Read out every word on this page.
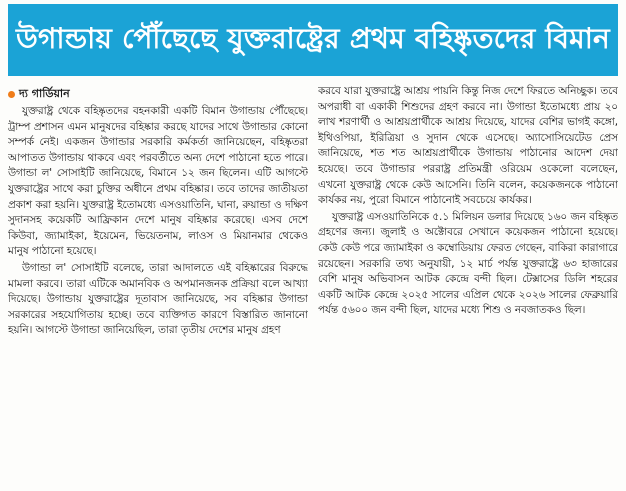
উগান্ডায় পৌঁছেছে যুক্তরাষ্ট্রের প্রথম বহিষ্কৃতদের বিমান
দ্য গার্ডিয়ান

যুক্তরাষ্ট্র থেকে বহিষ্কৃতদের বহনকারী একটি বিমান উগান্ডায় পৌঁছেছে। ট্রাম্প প্রশাসন এমন মানুষদের বহিষ্কার করছে যাদের সাথে উগান্ডার কোনো সম্পর্ক নেই। একজন উগান্ডার সরকারি কর্মকর্তা জানিয়েছেন, বহিষ্কৃতরা আপাতত উগান্ডায় থাকবে এবং পরবর্তীতে অন্য দেশে পাঠানো হতে পারে। উগান্ডা ল' সোসাইটি জানিয়েছে, বিমানে ১২ জন ছিলেন। এটি আগস্টে যুক্তরাষ্ট্রের সাথে করা চুক্তির অধীনে প্রথম বহিষ্কার। তবে তাদের জাতীয়তা প্রকাশ করা হয়নি। যুক্তরাষ্ট্র ইতোমধ্যে এসওয়াতিনি, ঘানা, রুয়ান্ডা ও দক্ষিণ সুদানসহ কয়েকটি আফ্রিকান দেশে মানুষ বহিষ্কার করেছে। এসব দেশে কিউবা, জ্যামাইকা, ইয়েমেন, ভিয়েতনাম, লাওস ও মিয়ানমার থেকেও মানুষ পাঠানো হয়েছে।

উগান্ডা ল' সোসাইটি বলেছে, তারা আদালতে এই বহিষ্কারের বিরুদ্ধে মামলা করবে। তারা এটিকে অমানবিক ও অপমানজনক প্রক্রিয়া বলে আখ্যা দিয়েছে। উগান্ডায় যুক্তরাষ্ট্রের দূতাবাস জানিয়েছে, সব বহিষ্কার উগান্ডা সরকারের সহযোগিতায় হচ্ছে। তবে ব্যক্তিগত কারণে বিস্তারিত জানানো হয়নি। আগস্টে উগান্ডা জানিয়েছিল, তারা তৃতীয় দেশের মানুষ গ্রহণ

করবে যারা যুক্তরাষ্ট্রে আশ্রয় পায়নি কিন্তু নিজ দেশে ফিরতে অনিচ্ছুক। তবে অপরাধী বা একাকী শিশুদের গ্রহণ করবে না। উগান্ডা ইতোমধ্যে প্রায় ২০ লাখ শরণার্থী ও আশ্রয়প্রার্থীকে আশ্রয় দিয়েছে, যাদের বেশির ভাগই কঙ্গো, ইথিওপিয়া, ইরিত্রিয়া ও সুদান থেকে এসেছে। অ্যাসোসিয়েটেড প্রেস জানিয়েছে, শত শত আশ্রয়প্রার্থীকে উগান্ডায় পাঠানোর আদেশ দেয়া হয়েছে। তবে উগান্ডার পররাষ্ট্র প্রতিমন্ত্রী ওরিয়েম ওকেলো বলেছেন, এখনো যুক্তরাষ্ট্র থেকে কেউ আসেনি। তিনি বলেন, কয়েকজনকে পাঠানো কার্যকর নয়, পুরো বিমানে পাঠানোই সবচেয়ে কার্যকর।

যুক্তরাষ্ট্র এসওয়াতিনিকে ৫.১ মিলিয়ন ডলার দিয়েছে ১৬০ জন বহিষ্কৃত গ্রহণের জন্য। জুলাই ও অক্টোবরে সেখানে কয়েকজন পাঠানো হয়েছে। কেউ কেউ পরে জ্যামাইকা ও কম্বোডিয়ায় ফেরত গেছেন, বাকিরা কারাগারে রয়েছেন। সরকারি তথ্য অনুযায়ী, ১২ মার্চ পর্যন্ত যুক্তরাষ্ট্রে ৬৩ হাজারের বেশি মানুষ অভিবাসন আটক কেন্দ্রে বন্দী ছিল। টেক্সাসের ডিলি শহরের একটি আটক কেন্দ্রে ২০২৫ সালের এপ্রিল থেকে ২০২৬ সালের ফেব্রুয়ারি পর্যন্ত ৫৬০০ জন বন্দী ছিল, যাদের মধ্যে শিশু ও নবজাতকও ছিল।
